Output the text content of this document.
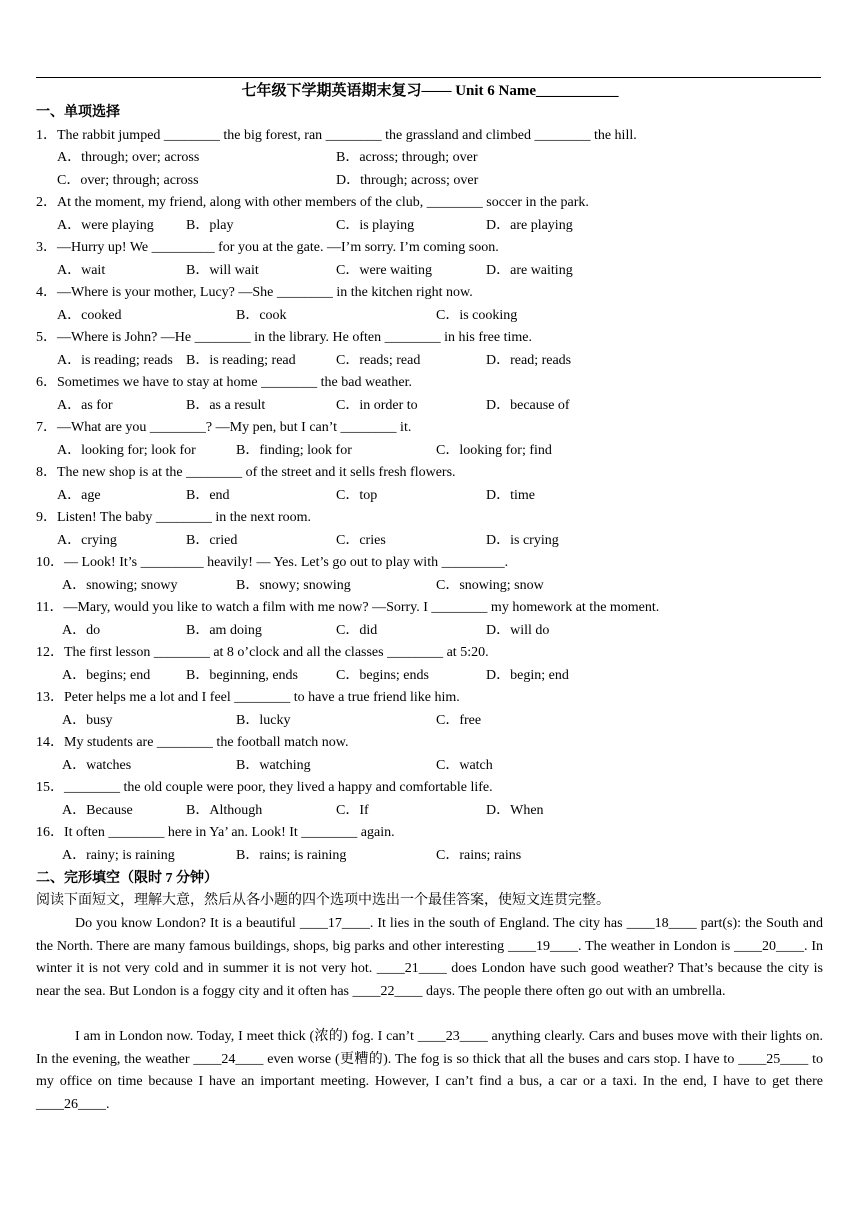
七年级下学期英语期末复习—— Unit 6 Name___________
一、单项选择
1．The rabbit jumped ________ the big forest, ran ________ the grassland and climbed ________ the hill.
A．through; over; across	B．across; through; over
C．over; through; across	D．through; across; over
2．At the moment, my friend, along with other members of the club, ________ soccer in the park.
A．were playing B．play	C．is playing	D．are playing
3．—Hurry up! We _________ for you at the gate. —I’m sorry. I’m coming soon.
A．wait	B．will wait	C．were waiting	D．are waiting
4．—Where is your mother, Lucy? —She ________ in the kitchen right now.
A．cooked	B．cook	C．is cooking
5．—Where is John? —He ________ in the library. He often ________ in his free time.
A．is reading; reads B．is reading; read	C．reads; read	D．read; reads
6．Sometimes we have to stay at home ________ the bad weather.
A．as for	B．as a result	C．in order to	D．because of
7．—What are you ________? —My pen, but I can’t ________ it.
A．looking for; look for	B．finding; look for	C．looking for; find
8．The new shop is at the ________ of the street and it sells fresh flowers.
A．age	B．end	C．top	D．time
9．Listen! The baby ________ in the next room.
A．crying	B．cried	C．cries	D．is crying
10．— Look! It’s _________ heavily! — Yes. Let’s go out to play with _________.
A．snowing; snowy	B．snowy; snowing	C．snowing; snow
11．—Mary, would you like to watch a film with me now? —Sorry. I ________ my homework at the moment.
A．do	B．am doing	C．did	D．will do
12．The first lesson ________ at 8 o’clock and all the classes ________ at 5:20.
A．begins; end	B．beginning, ends	C．begins; ends	D．begin; end
13．Peter helps me a lot and I feel ________ to have a true friend like him.
A．busy	B．lucky	C．free
14．My students are ________ the football match now.
A．watches	B．watching	C．watch
15．________ the old couple were poor, they lived a happy and comfortable life.
A．Because	B．Although	C．If	D．When
16．It often ________ here in Ya’ an. Look! It ________ again.
A．rainy; is raining	B．rains; is raining	C．rains; rains
二、完形填空（限时 7 分钟）
阅读下面短文，理解大意，然后从各小题的四个选项中选出一个最佳答案，使短文连贯完整。
Do you know London? It is a beautiful ____17____. It lies in the south of England. The city has ____18____ part(s): the South and the North. There are many famous buildings, shops, big parks and other interesting ____19____. The weather in London is ____20____. In winter it is not very cold and in summer it is not very hot. ____21____ does London have such good weather? That’s because the city is near the sea. But London is a foggy city and it often has ____22____ days. The people there often go out with an umbrella.
I am in London now. Today, I meet thick (浓的) fog. I can’t ____23____ anything clearly. Cars and buses move with their lights on. In the evening, the weather ____24____ even worse (更糟的). The fog is so thick that all the buses and cars stop. I have to ____25____ to my office on time because I have an important meeting. However, I can’t find a bus, a car or a taxi. In the end, I have to get there ____26____.
